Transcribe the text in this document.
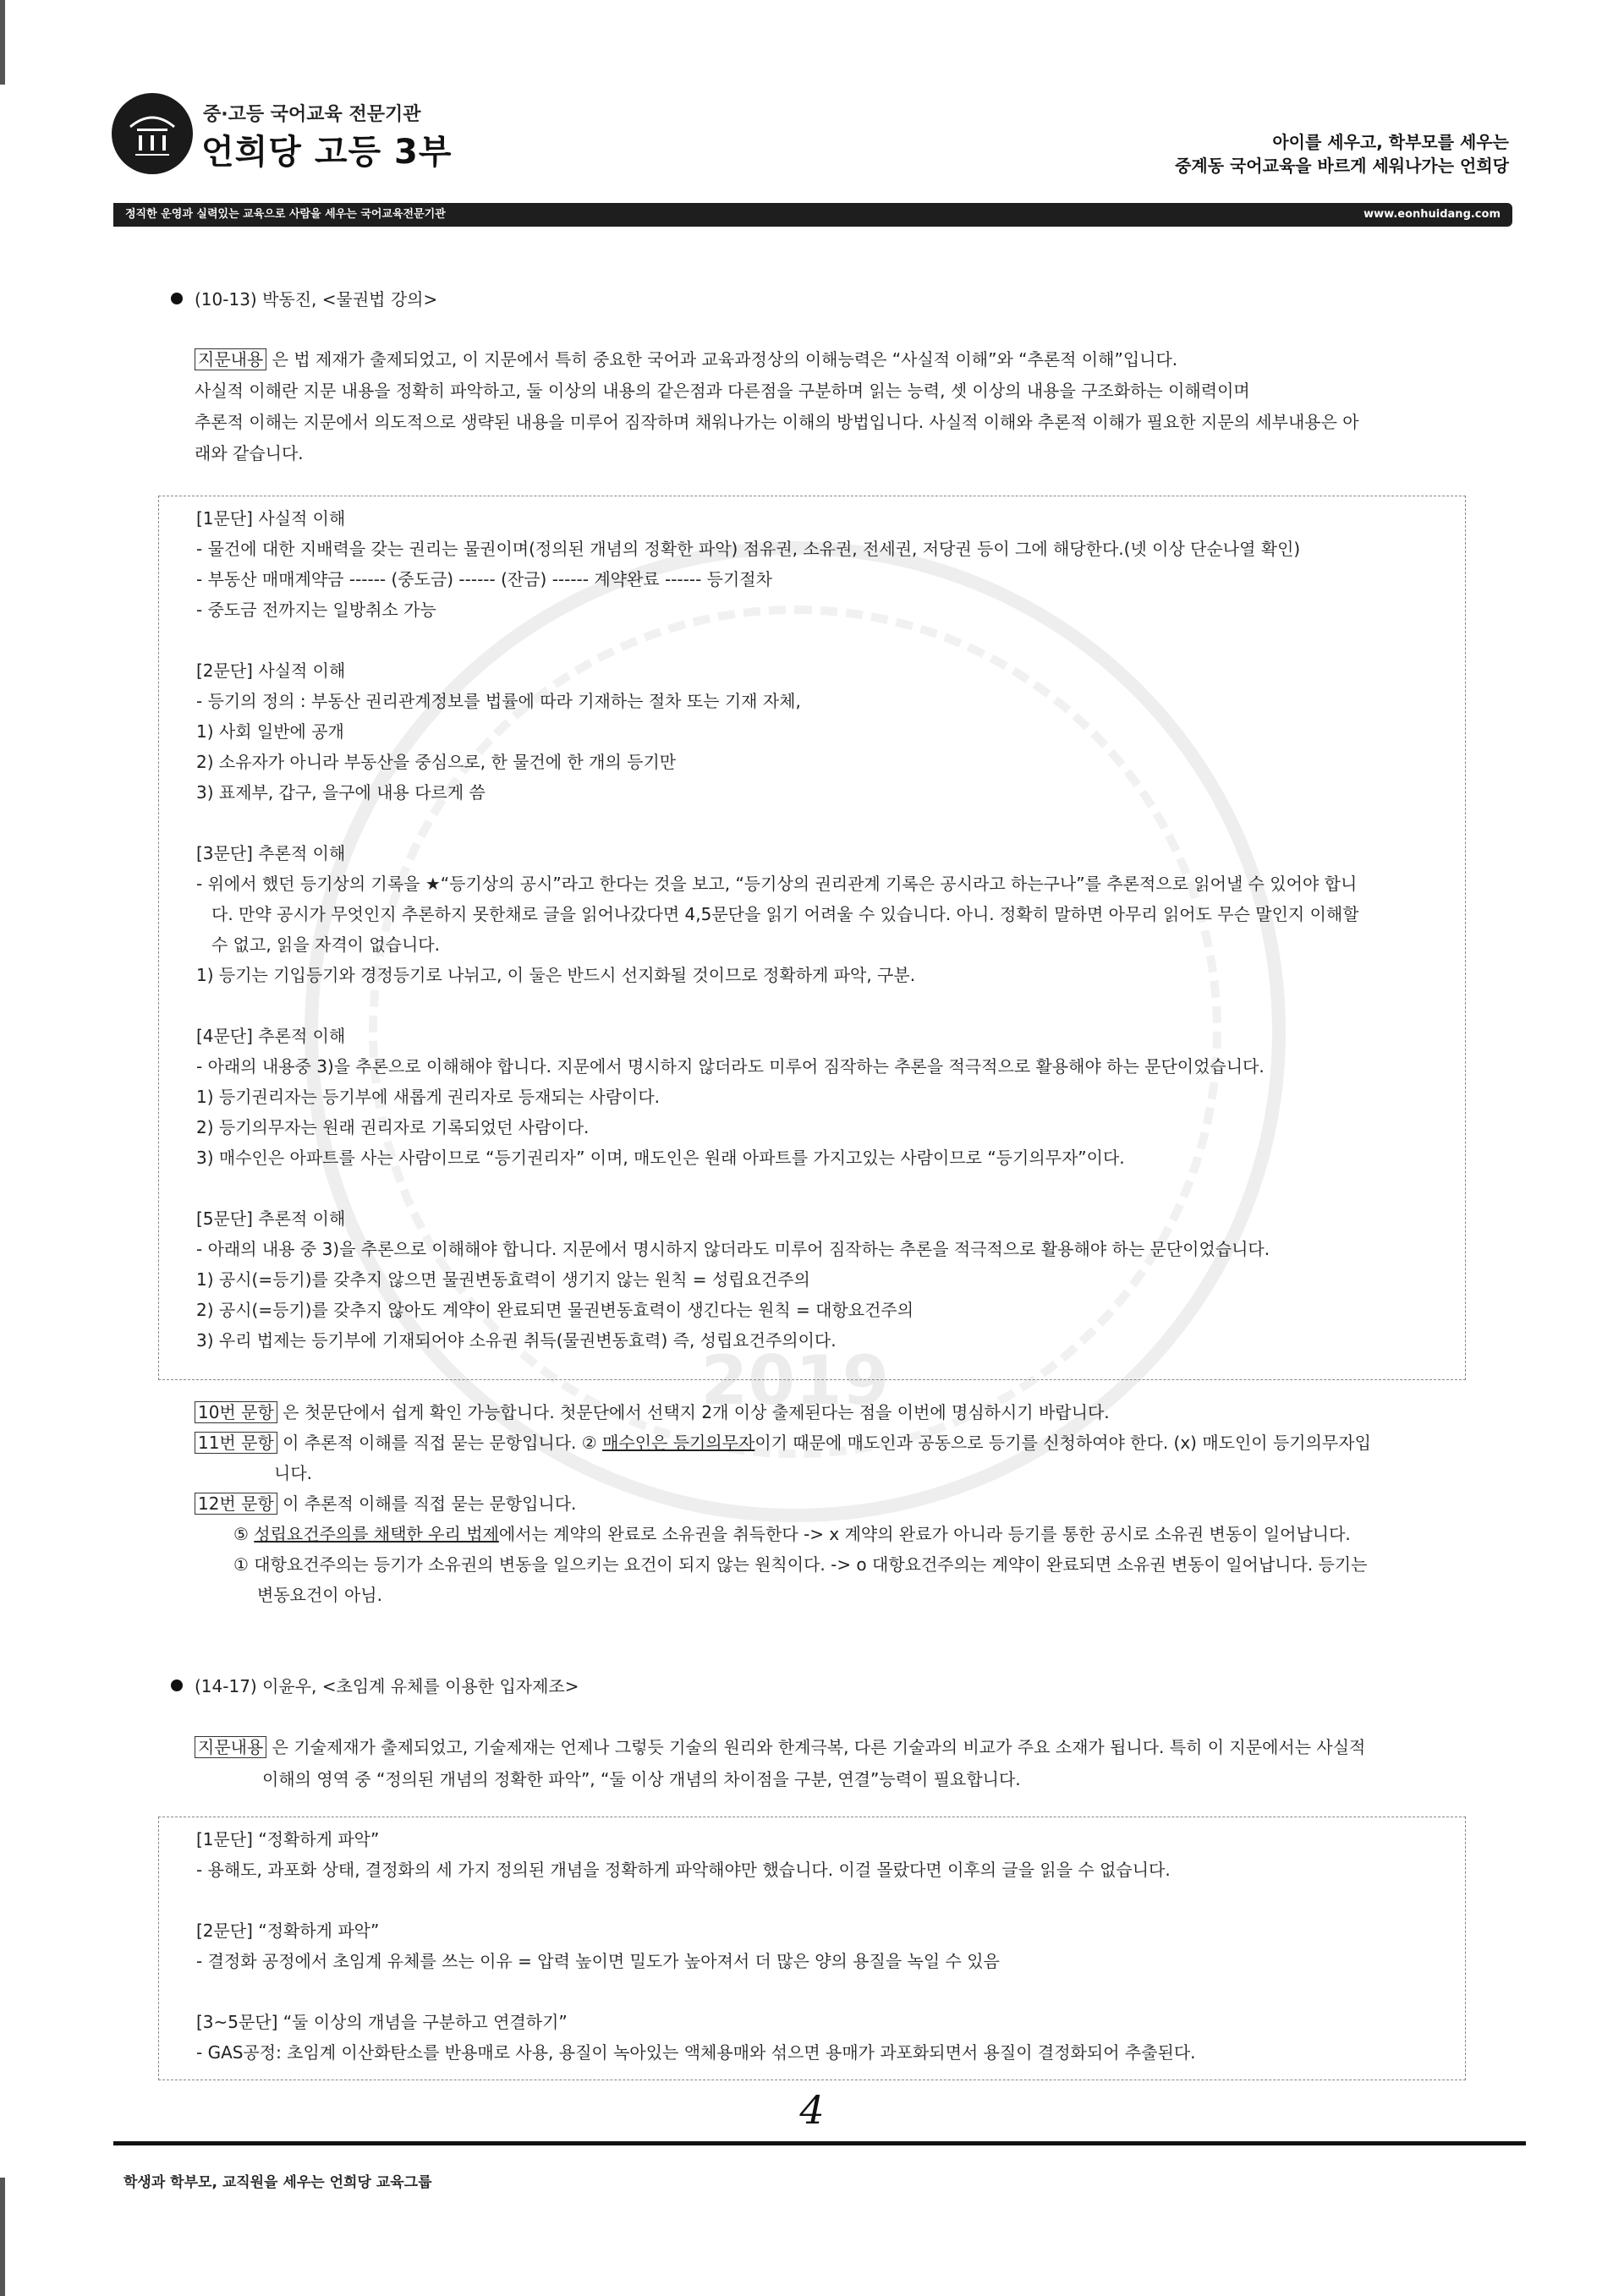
2019
중·고등 국어교육 전문기관
언희당 고등 3부	아이를 세우고, 학부모를 세우는
중계동 국어교육을 바르게 세워나가는 언희당
정직한 운영과 실력있는 교육으로 사람을 세우는 국어교육전문기관	www.eonhuidang.com
(10-13) 박동진, <물권법 강의>
지문내용 은 법 제재가 출제되었고, 이 지문에서 특히 중요한 국어과 교육과정상의 이해능력은 “사실적 이해”와 “추론적 이해”입니다.
사실적 이해란 지문 내용을 정확히 파악하고, 둘 이상의 내용의 같은점과 다른점을 구분하며 읽는 능력, 셋 이상의 내용을 구조화하는 이해력이며
추론적 이해는 지문에서 의도적으로 생략된 내용을 미루어 짐작하며 채워나가는 이해의 방법입니다. 사실적 이해와 추론적 이해가 필요한 지문의 세부내용은 아
래와 같습니다.
[1문단] 사실적 이해
- 물건에 대한 지배력을 갖는 권리는 물권이며(정의된 개념의 정확한 파악) 점유권, 소유권, 전세권, 저당권 등이 그에 해당한다.(넷 이상 단순나열 확인)
- 부동산 매매계약금 ------ (중도금) ------ (잔금) ------ 계약완료 ------ 등기절차
- 중도금 전까지는 일방취소 가능
[2문단] 사실적 이해
- 등기의 정의 : 부동산 권리관계정보를 법률에 따라 기재하는 절차 또는 기재 자체,
1) 사회 일반에 공개
2) 소유자가 아니라 부동산을 중심으로, 한 물건에 한 개의 등기만
3) 표제부, 갑구, 을구에 내용 다르게 씀
[3문단] 추론적 이해
- 위에서 했던 등기상의 기록을 ★“등기상의 공시”라고 한다는 것을 보고, “등기상의 권리관계 기록은 공시라고 하는구나”를 추론적으로 읽어낼 수 있어야 합니
다. 만약 공시가 무엇인지 추론하지 못한채로 글을 읽어나갔다면 4,5문단을 읽기 어려울 수 있습니다. 아니. 정확히 말하면 아무리 읽어도 무슨 말인지 이해할
수 없고, 읽을 자격이 없습니다.
1) 등기는 기입등기와 경정등기로 나뉘고, 이 둘은 반드시 선지화될 것이므로 정확하게 파악, 구분.
[4문단] 추론적 이해
- 아래의 내용중 3)을 추론으로 이해해야 합니다. 지문에서 명시하지 않더라도 미루어 짐작하는 추론을 적극적으로 활용해야 하는 문단이었습니다.
1) 등기권리자는 등기부에 새롭게 권리자로 등재되는 사람이다.
2) 등기의무자는 원래 권리자로 기록되었던 사람이다.
3) 매수인은 아파트를 사는 사람이므로 “등기권리자” 이며, 매도인은 원래 아파트를 가지고있는 사람이므로 “등기의무자”이다.
[5문단] 추론적 이해
- 아래의 내용 중 3)을 추론으로 이해해야 합니다. 지문에서 명시하지 않더라도 미루어 짐작하는 추론을 적극적으로 활용해야 하는 문단이었습니다.
1) 공시(=등기)를 갖추지 않으면 물권변동효력이 생기지 않는 원칙 = 성립요건주의
2) 공시(=등기)를 갖추지 않아도 계약이 완료되면 물권변동효력이 생긴다는 원칙 = 대항요건주의
3) 우리 법제는 등기부에 기재되어야 소유권 취득(물권변동효력) 즉, 성립요건주의이다.
10번 문항 은 첫문단에서 쉽게 확인 가능합니다. 첫문단에서 선택지 2개 이상 출제된다는 점을 이번에 명심하시기 바랍니다.
11번 문항 이 추론적 이해를 직접 묻는 문항입니다. ② 매수인은 등기의무자이기 때문에 매도인과 공동으로 등기를 신청하여야 한다. (x) 매도인이 등기의무자입
니다.
12번 문항 이 추론적 이해를 직접 묻는 문항입니다.
⑤ 성립요건주의를 채택한 우리 법제에서는 계약의 완료로 소유권을 취득한다 -> x 계약의 완료가 아니라 등기를 통한 공시로 소유권 변동이 일어납니다.
① 대항요건주의는 등기가 소유권의 변동을 일으키는 요건이 되지 않는 원칙이다. -> o 대항요건주의는 계약이 완료되면 소유권 변동이 일어납니다. 등기는
변동요건이 아님.
(14-17) 이윤우, <초임계 유체를 이용한 입자제조>
지문내용 은 기술제재가 출제되었고, 기술제재는 언제나 그렇듯 기술의 원리와 한계극복, 다른 기술과의 비교가 주요 소재가 됩니다. 특히 이 지문에서는 사실적
이해의 영역 중 “정의된 개념의 정확한 파악”, “둘 이상 개념의 차이점을 구분, 연결”능력이 필요합니다.
[1문단] “정확하게 파악”
- 용해도, 과포화 상태, 결정화의 세 가지 정의된 개념을 정확하게 파악해야만 했습니다. 이걸 몰랐다면 이후의 글을 읽을 수 없습니다.
[2문단] “정확하게 파악”
- 결정화 공정에서 초임계 유체를 쓰는 이유 = 압력 높이면 밀도가 높아져서 더 많은 양의 용질을 녹일 수 있음
[3~5문단] “둘 이상의 개념을 구분하고 연결하기”
- GAS공정: 초임계 이산화탄소를 반용매로 사용, 용질이 녹아있는 액체용매와 섞으면 용매가 과포화되면서 용질이 결정화되어 추출된다.
4
학생과 학부모, 교직원을 세우는 언희당 교육그룹
